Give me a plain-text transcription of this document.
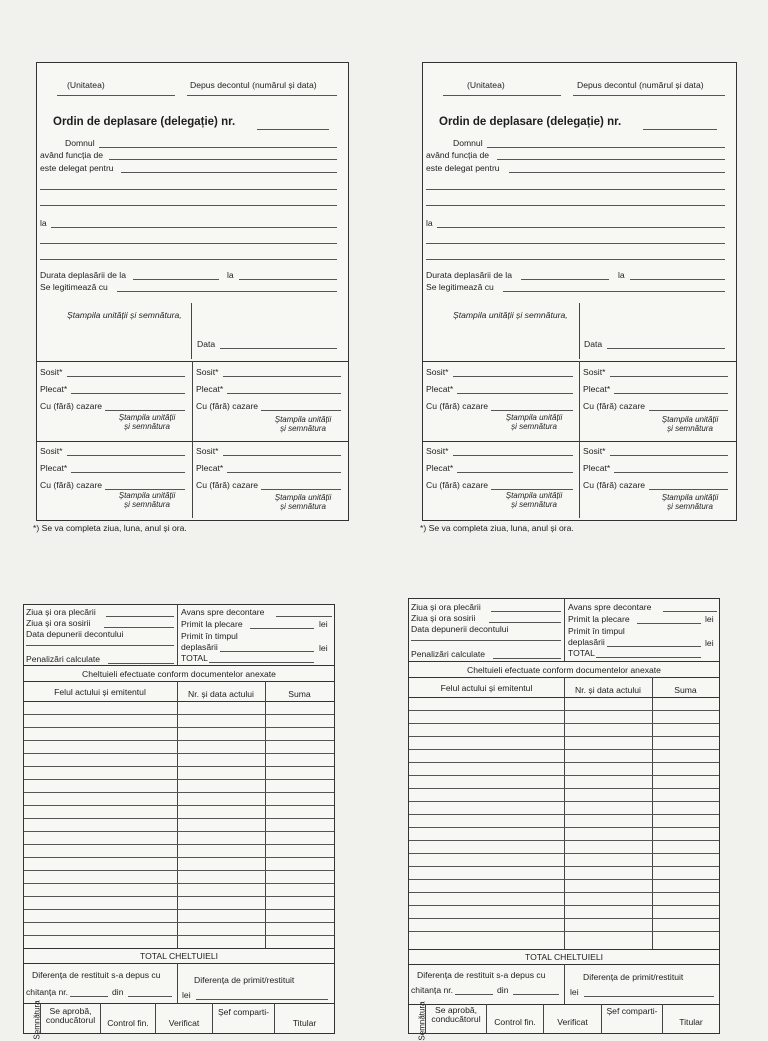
(Unitatea)	Depus decontul (numărul și data)
Ordin de deplasare (delegație) nr.
Domnul
având funcția de
este delegat pentru
la
Durata deplasării de la	la
Se legitimează cu
Ștampila unității și semnătura,
Data
Sosit*
Plecat*
Cu (fără) cazare
Ștampila unității
și semnătura
Sosit*
Plecat*
Cu (fără) cazare
Ștampila unității
și semnătura
Sosit*
Plecat*
Cu (fără) cazare
Ștampila unității
și semnătura
Sosit*
Plecat*
Cu (fără) cazare
Ștampila unității
și semnătura
*) Se va completa ziua, luna, anul și ora.
(Unitatea)	Depus decontul (numărul și data)
Ordin de deplasare (delegație) nr.
Domnul
având funcția de
este delegat pentru
la
Durata deplasării de la	la
Se legitimează cu
Ștampila unității și semnătura,
Data
Sosit*
Plecat*
Cu (fără) cazare
Ștampila unității
și semnătura
Sosit*
Plecat*
Cu (fără) cazare
Ștampila unității
și semnătura
Sosit*
Plecat*
Cu (fără) cazare
Ștampila unității
și semnătura
Sosit*
Plecat*
Cu (fără) cazare
Ștampila unității
și semnătura
*) Se va completa ziua, luna, anul și ora.
Ziua și ora plecării
Ziua și ora sosirii
Data depunerii decontului
Penalizări calculate
Avans spre decontare
Primit la plecare	lei
Primit în timpul
deplasării	lei
TOTAL
Cheltuieli efectuate conform documentelor anexate
Felul actului și emitentul	Nr. și data actului	Suma
TOTAL CHELTUIELI
Diferența de restituit s-a depus cu
chitanța nr.	din
Diferența de primit/restituit
lei
Semnătura Se aprobă, conducătorul	Control fin.	Verificat
Șef comparti-
Titular
Ziua și ora plecării
Ziua și ora sosirii
Data depunerii decontului
Penalizări calculate
Avans spre decontare
Primit la plecare	lei
Primit în timpul
deplasării	lei
TOTAL
Cheltuieli efectuate conform documentelor anexate
Felul actului și emitentul	Nr. și data actului	Suma
TOTAL CHELTUIELI
Diferența de restituit s-a depus cu
chitanța nr.	din
Diferența de primit/restituit
lei
Semnătura Se aprobă, conducătorul	Control fin.	Verificat
Șef comparti-
Titular
